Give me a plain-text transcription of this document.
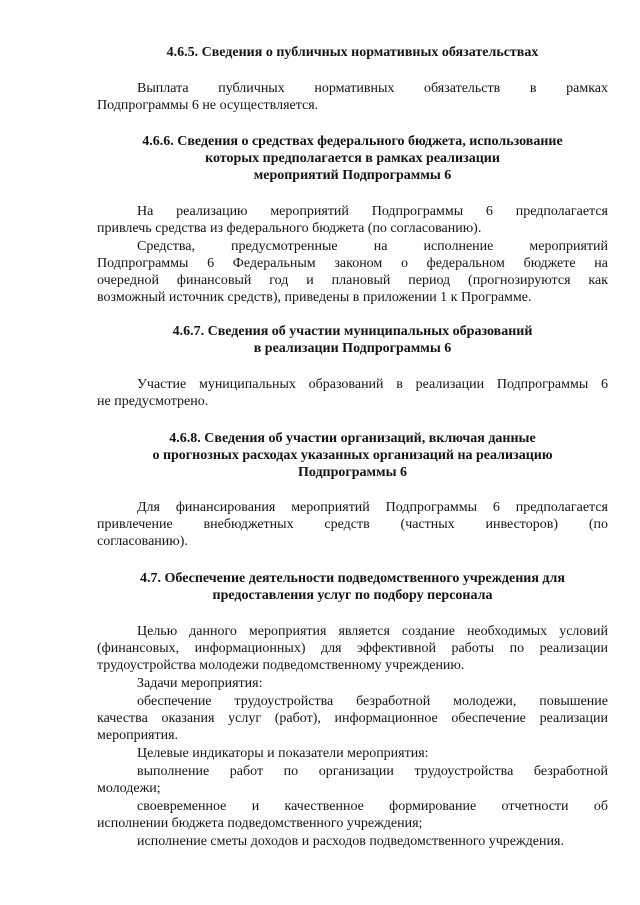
4.6.5. Сведения о публичных нормативных обязательствах

Выплата публичных нормативных обязательств в рамках

Подпрограммы 6 не осуществляется.

4.6.6. Сведения о средствах федерального бюджета, использование

которых предполагается в рамках реализации

мероприятий Подпрограммы 6

На реализацию мероприятий Подпрограммы 6 предполагается

привлечь средства из федерального бюджета (по согласованию).

Средства, предусмотренные на исполнение мероприятий

Подпрограммы 6 Федеральным законом о федеральном бюджете на

очередной финансовый год и плановый период (прогнозируются как

возможный источник средств), приведены в приложении 1 к Программе.

4.6.7. Сведения об участии муниципальных образований

в реализации Подпрограммы 6

Участие муниципальных образований в реализации Подпрограммы 6

не предусмотрено.

4.6.8. Сведения об участии организаций, включая данные

о прогнозных расходах указанных организаций на реализацию

Подпрограммы 6

Для финансирования мероприятий Подпрограммы 6 предполагается

привлечение внебюджетных средств (частных инвесторов) (по

согласованию).

4.7. Обеспечение деятельности подведомственного учреждения для

предоставления услуг по подбору персонала

Целью данного мероприятия является создание необходимых условий

(финансовых, информационных) для эффективной работы по реализации

трудоустройства молодежи подведомственному учреждению.

Задачи мероприятия:

обеспечение трудоустройства безработной молодежи, повышение

качества оказания услуг (работ), информационное обеспечение реализации

мероприятия.

Целевые индикаторы и показатели мероприятия:

выполнение работ по организации трудоустройства безработной

молодежи;

своевременное и качественное формирование отчетности об

исполнении бюджета подведомственного учреждения;

исполнение сметы доходов и расходов подведомственного учреждения.
